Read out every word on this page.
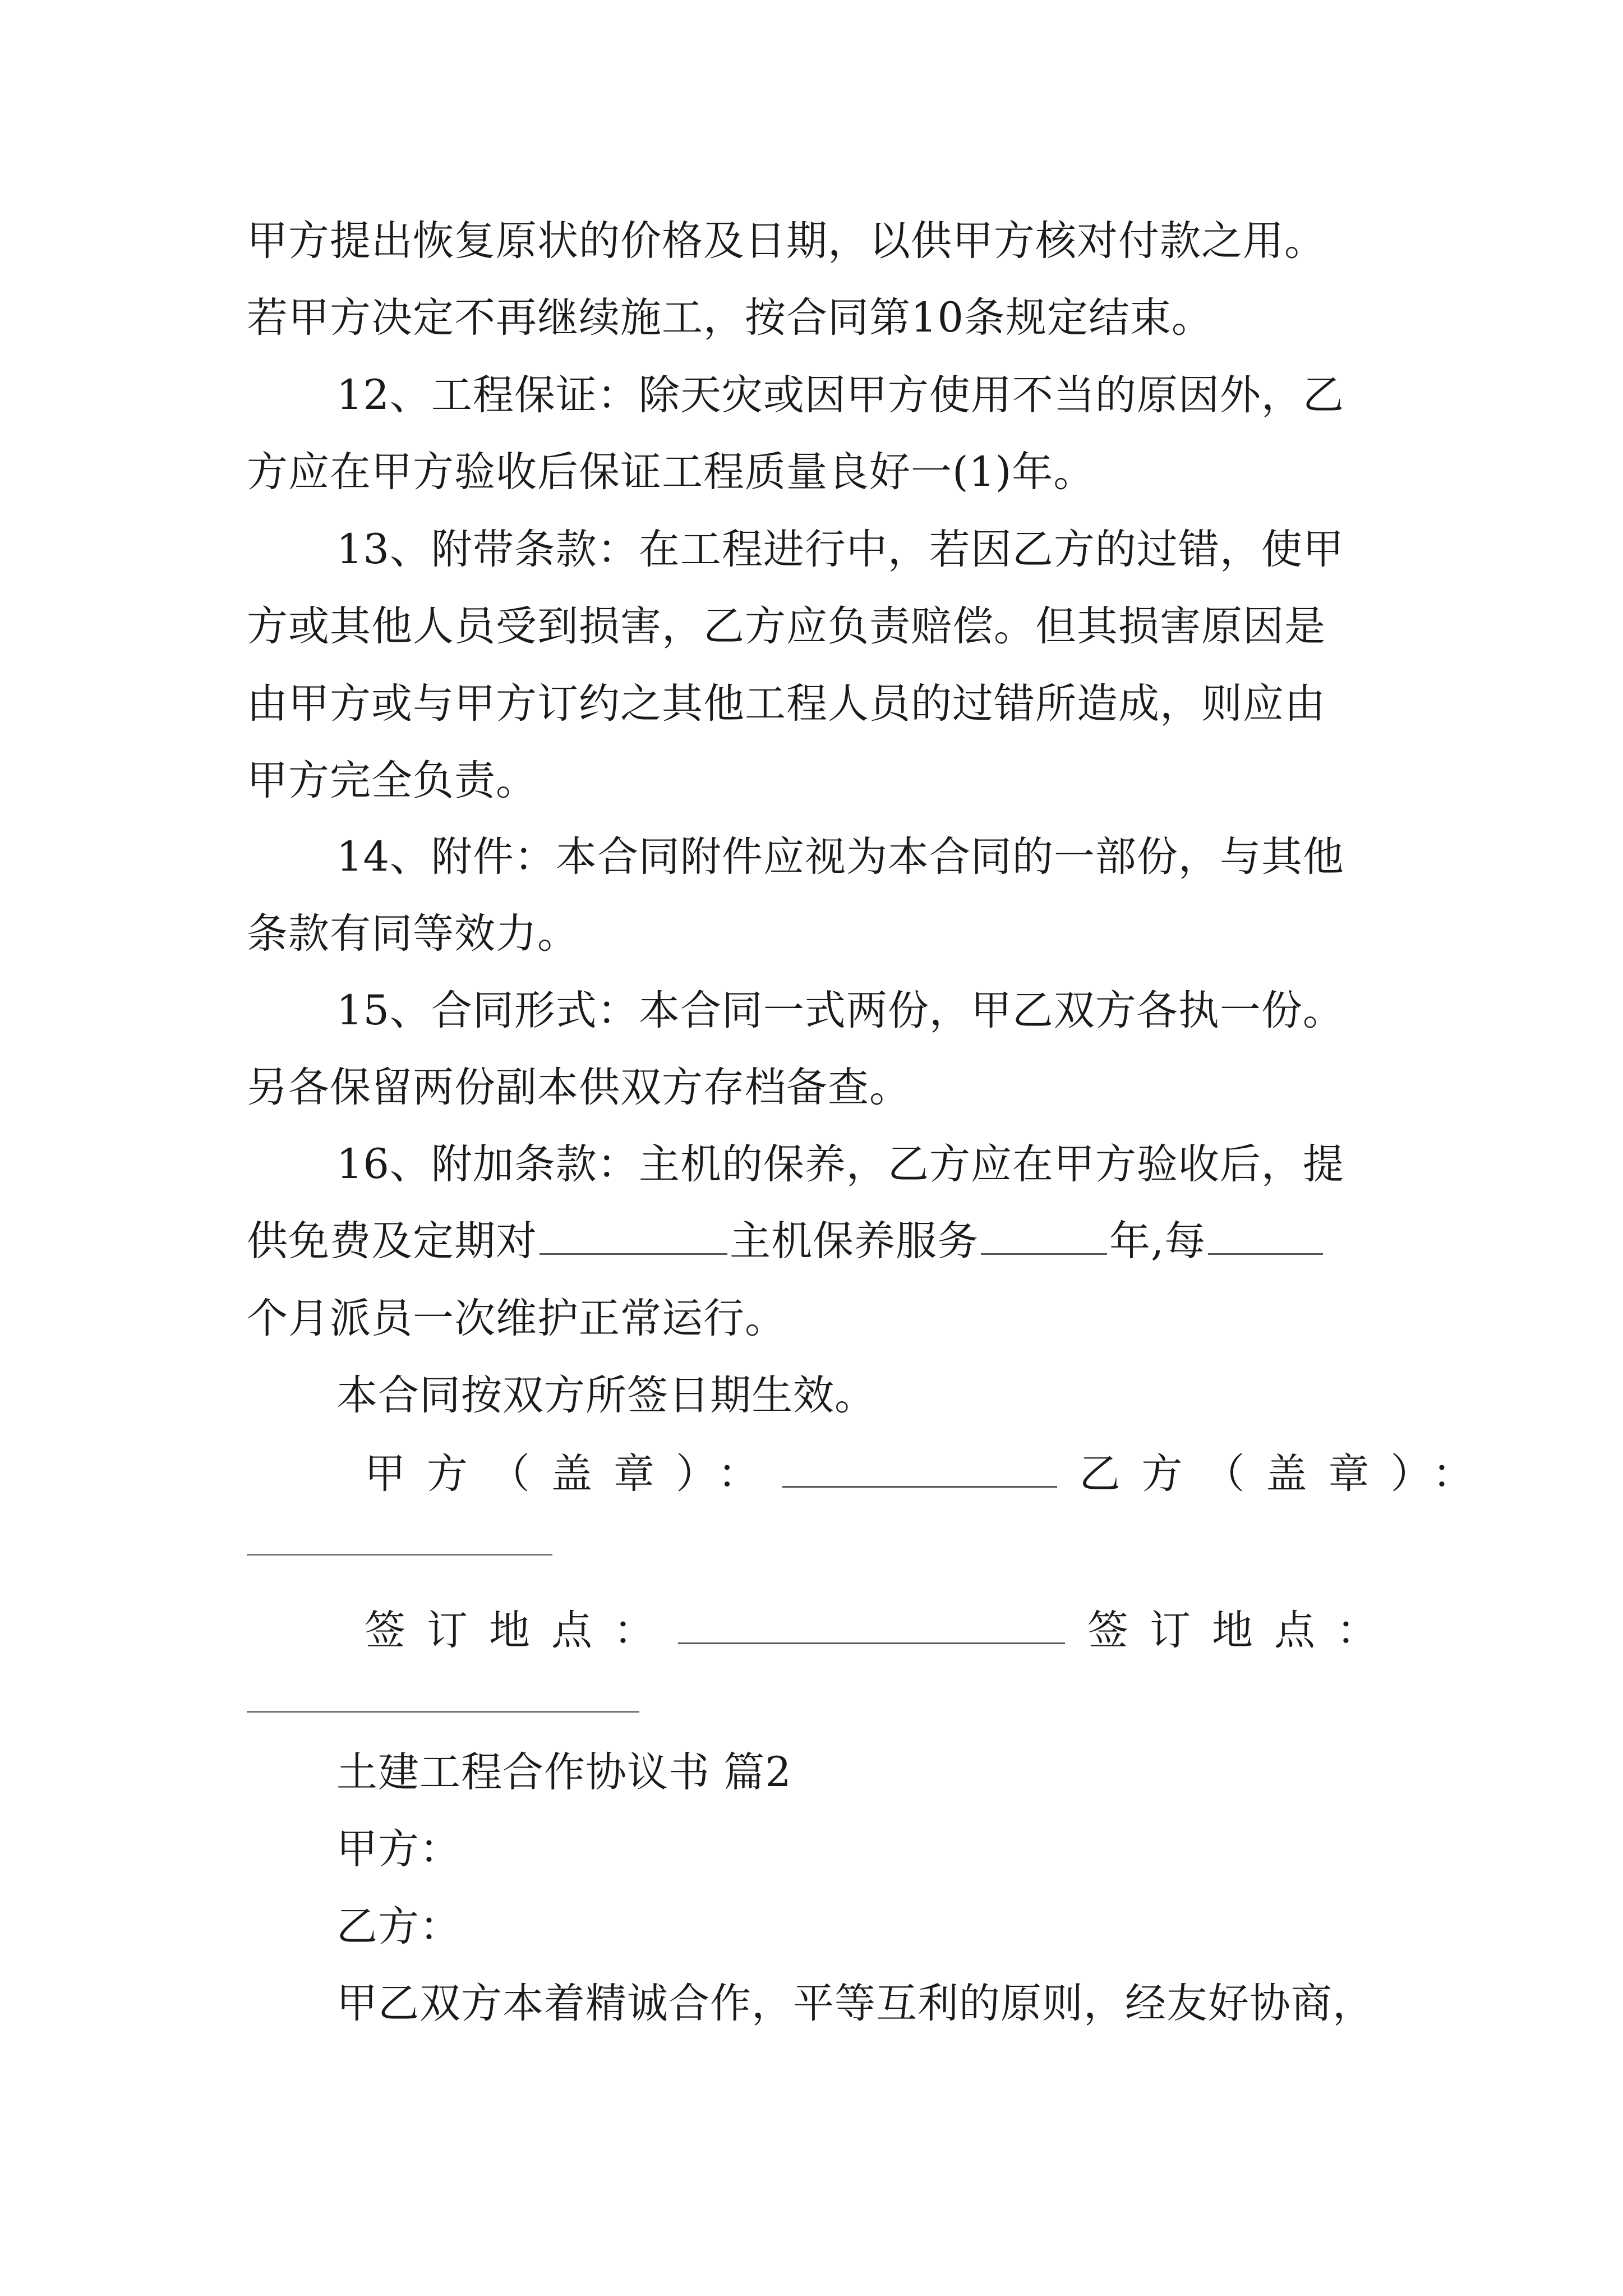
甲方提出恢复原状的价格及日期，以供甲方核对付款之用。
若甲方决定不再继续施工，按合同第10条规定结束。
12、工程保证：除天灾或因甲方使用不当的原因外，乙
方应在甲方验收后保证工程质量良好一(1)年。
13、附带条款：在工程进行中，若因乙方的过错，使甲
方或其他人员受到损害，乙方应负责赔偿。但其损害原因是
由甲方或与甲方订约之其他工程人员的过错所造成，则应由
甲方完全负责。
14、附件：本合同附件应视为本合同的一部份，与其他
条款有同等效力。
15、合同形式：本合同一式两份，甲乙双方各执一份。
另各保留两份副本供双方存档备查。
16、附加条款：主机的保养，乙方应在甲方验收后，提
供免费及定期对	主机保养服务	年,每
个月派员一次维护正常运行。
本合同按双方所签日期生效。
甲方（盖章）：	乙方（盖章）：
签订地点：	签订地点：
土建工程合作协议书 篇2
甲方：
乙方：
甲乙双方本着精诚合作，平等互利的原则，经友好协商，
